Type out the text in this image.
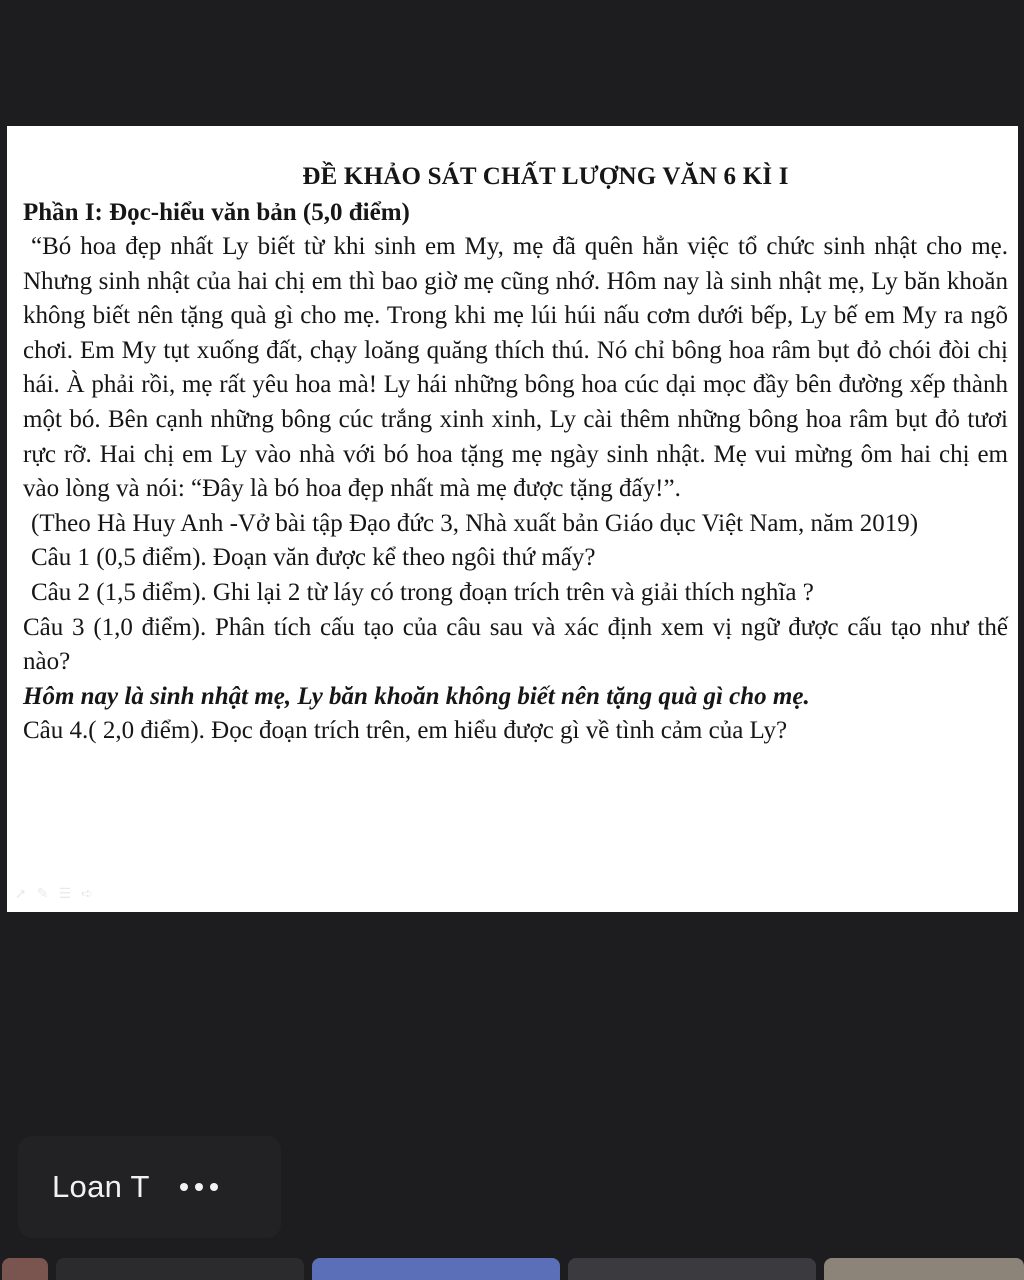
ĐỀ KHẢO SÁT CHẤT LƯỢNG VĂN 6 KÌ I

Phần I: Đọc-hiểu văn bản (5,0 điểm)

“Bó hoa đẹp nhất Ly biết từ khi sinh em My, mẹ đã quên hẳn việc tổ chức sinh nhật cho mẹ. Nhưng sinh nhật của hai chị em thì bao giờ mẹ cũng nhớ. Hôm nay là sinh nhật mẹ, Ly băn khoăn không biết nên tặng quà gì cho mẹ. Trong khi mẹ lúi húi nấu cơm dưới bếp, Ly bế em My ra ngõ chơi. Em My tụt xuống đất, chạy loăng quăng thích thú. Nó chỉ bông hoa râm bụt đỏ chói đòi chị hái. À phải rồi, mẹ rất yêu hoa mà! Ly hái những bông hoa cúc dại mọc đầy bên đường xếp thành một bó. Bên cạnh những bông cúc trắng xinh xinh, Ly cài thêm những bông hoa râm bụt đỏ tươi rực rỡ. Hai chị em Ly vào nhà với bó hoa tặng mẹ ngày sinh nhật. Mẹ vui mừng ôm hai chị em vào lòng và nói: “Đây là bó hoa đẹp nhất mà mẹ được tặng đấy!”.

(Theo Hà Huy Anh -Vở bài tập Đạo đức 3, Nhà xuất bản Giáo dục Việt Nam, năm 2019)

Câu 1 (0,5 điểm). Đoạn văn được kể theo ngôi thứ mấy?

Câu 2 (1,5 điểm). Ghi lại 2 từ láy có trong đoạn trích trên và giải thích nghĩa ?

Câu 3 (1,0 điểm). Phân tích cấu tạo của câu sau và xác định xem vị ngữ được cấu tạo như thế nào?

Hôm nay là sinh nhật mẹ, Ly băn khoăn không biết nên tặng quà gì cho mẹ.

Câu 4.( 2,0 điểm). Đọc đoạn trích trên, em hiểu được gì về tình cảm của Ly?

➚ ✎ ☰ ➪
Loan T
